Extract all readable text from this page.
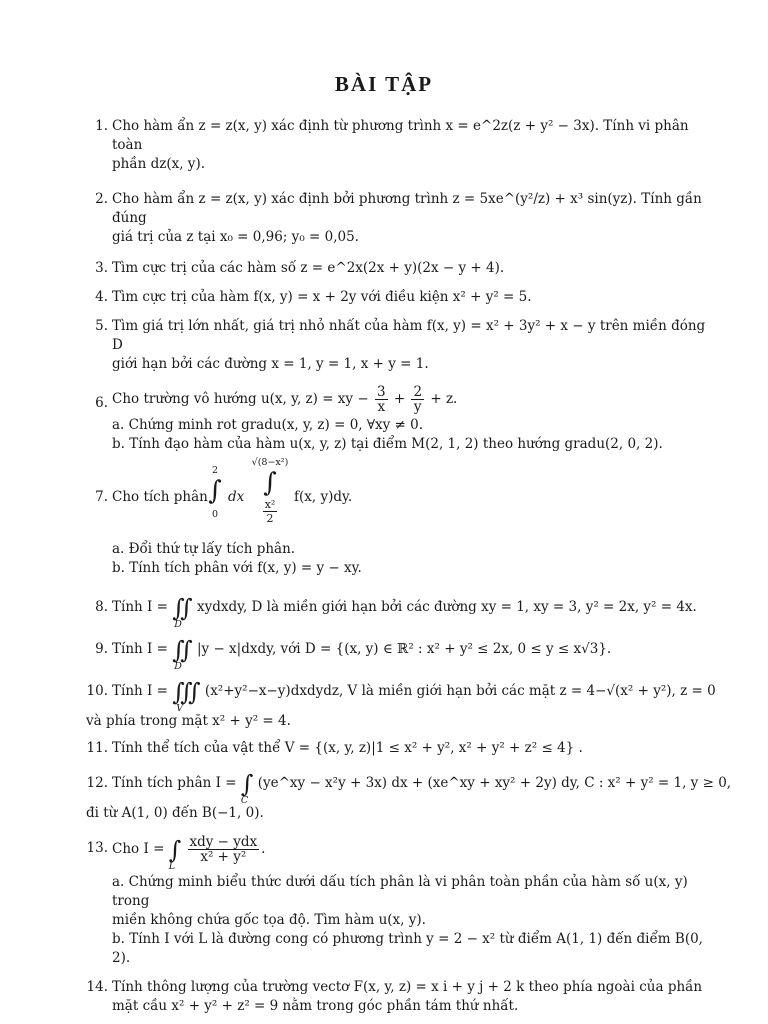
BÀI TẬP
1. Cho hàm ẩn z = z(x, y) xác định từ phương trình x = e^2z(z + y² − 3x). Tính vi phân toàn
phần dz(x, y).
2. Cho hàm ẩn z = z(x, y) xác định bởi phương trình z = 5xe^(y²/z) + x³ sin(yz). Tính gần đúng
giá trị của z tại x₀ = 0,96; y₀ = 0,05.
3. Tìm cực trị của các hàm số z = e^2x(2x + y)(2x − y + 4).
4. Tìm cực trị của hàm f(x, y) = x + 2y với điều kiện x² + y² = 5.
5. Tìm giá trị lớn nhất, giá trị nhỏ nhất của hàm f(x, y) = x² + 3y² + x − y trên miền đóng D
giới hạn bởi các đường x = 1, y = 1, x + y = 1.
6. Cho trường vô hướng u(x, y, z) = xy − $\frac{3}{x} + \frac{2}{y} + z$.
a. Chứng minh rot gradu(x, y, z) = 0, ∀xy ≠ 0.
b. Tính đạo hàm của hàm u(x, y, z) tại điểm M(2, 1, 2) theo hướng gradu(2, 0, 2).
7. Cho tích phân
2
∫
0
dx
√(8−x²)
∫
$\frac{\text{x²}}{2}$
f(x, y)dy.
a. Đổi thứ tự lấy tích phân.
b. Tính tích phân với f(x, y) = y − xy.
8. Tính I = ∬
D
xydxdy, D là miền giới hạn bởi các đường xy = 1, xy = 3, y² = 2x, y² = 4x.
9. Tính I = ∬
D
|y − x|dxdy, với D = {(x, y) ∈ ℝ² : x² + y² ≤ 2x, 0 ≤ y ≤ x√3}.
10. Tính I = ∭
V
(x²+y²−x−y)dxdydz, V là miền giới hạn bởi các mặt z = 4−√(x² + y²), z = 0
và phía trong mặt x² + y² = 4.
11. Tính thể tích của vật thể V = {(x, y, z)|1 ≤ x² + y², x² + y² + z² ≤ 4} .
12. Tính tích phân I = ∫
C
(ye^xy − x²y + 3x) dx + (xe^xy + xy² + 2y) dy, C : x² + y² = 1, y ≥ 0,
đi từ A(1, 0) đến B(−1, 0).
13. Cho I = ∫
L

$\frac{\text{xdy − ydx}}{\text{x² + y²}}$ .
a. Chứng minh biểu thức dưới dấu tích phân là vi phân toàn phần của hàm số u(x, y) trong
miền không chứa gốc tọa độ. Tìm hàm u(x, y).
b. Tính I với L là đường cong có phương trình y = 2 − x² từ điểm A(1, 1) đến điểm B(0, 2).
14. Tính thông lượng của trường vectơ F(x, y, z) = x i + y j + 2 k theo phía ngoài của phần
mặt cầu x² + y² + z² = 9 nằm trong góc phần tám thứ nhất.
